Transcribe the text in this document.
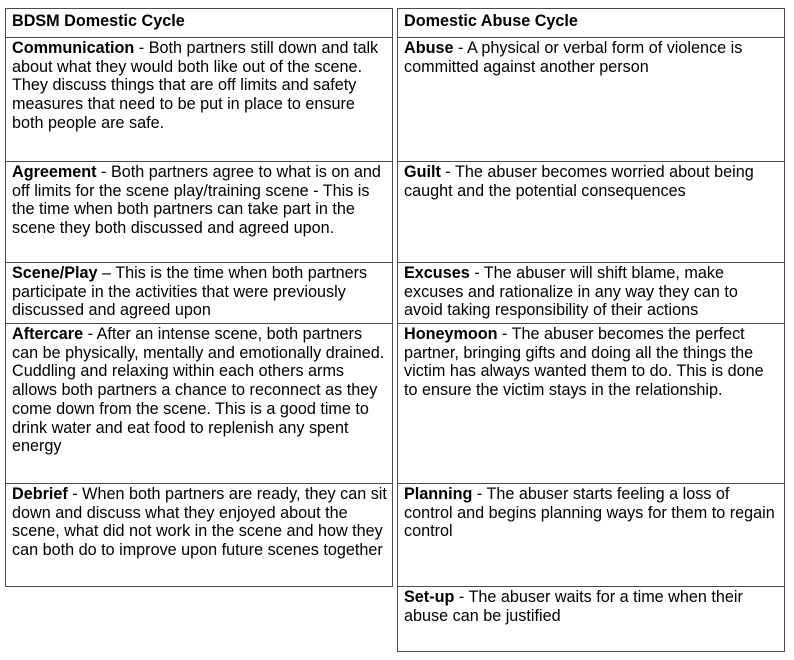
BDSM Domestic Cycle	Domestic Abuse Cycle
Communication - Both partners still down and talk about what they would both like out of the scene. They discuss things that are off limits and safety measures that need to be put in place to ensure both people are safe.
Agreement - Both partners agree to what is on and off limits for the scene play/training scene - This is the time when both partners can take part in the scene they both discussed and agreed upon.
Scene/Play – This is the time when both partners participate in the activities that were previously discussed and agreed upon
Aftercare - After an intense scene, both partners can be physically, mentally and emotionally drained. Cuddling and relaxing within each others arms allows both partners a chance to reconnect as they come down from the scene. This is a good time to drink water and eat food to replenish any spent energy
Debrief - When both partners are ready, they can sit down and discuss what they enjoyed about the scene, what did not work in the scene and how they can both do to improve upon future scenes together
Abuse - A physical or verbal form of violence is committed against another person
Guilt - The abuser becomes worried about being caught and the potential consequences
Excuses - The abuser will shift blame, make excuses and rationalize in any way they can to avoid taking responsibility of their actions
Honeymoon - The abuser becomes the perfect partner, bringing gifts and doing all the things the victim has always wanted them to do. This is done to ensure the victim stays in the relationship.
Planning - The abuser starts feeling a loss of control and begins planning ways for them to regain control
Set-up - The abuser waits for a time when their abuse can be justified
